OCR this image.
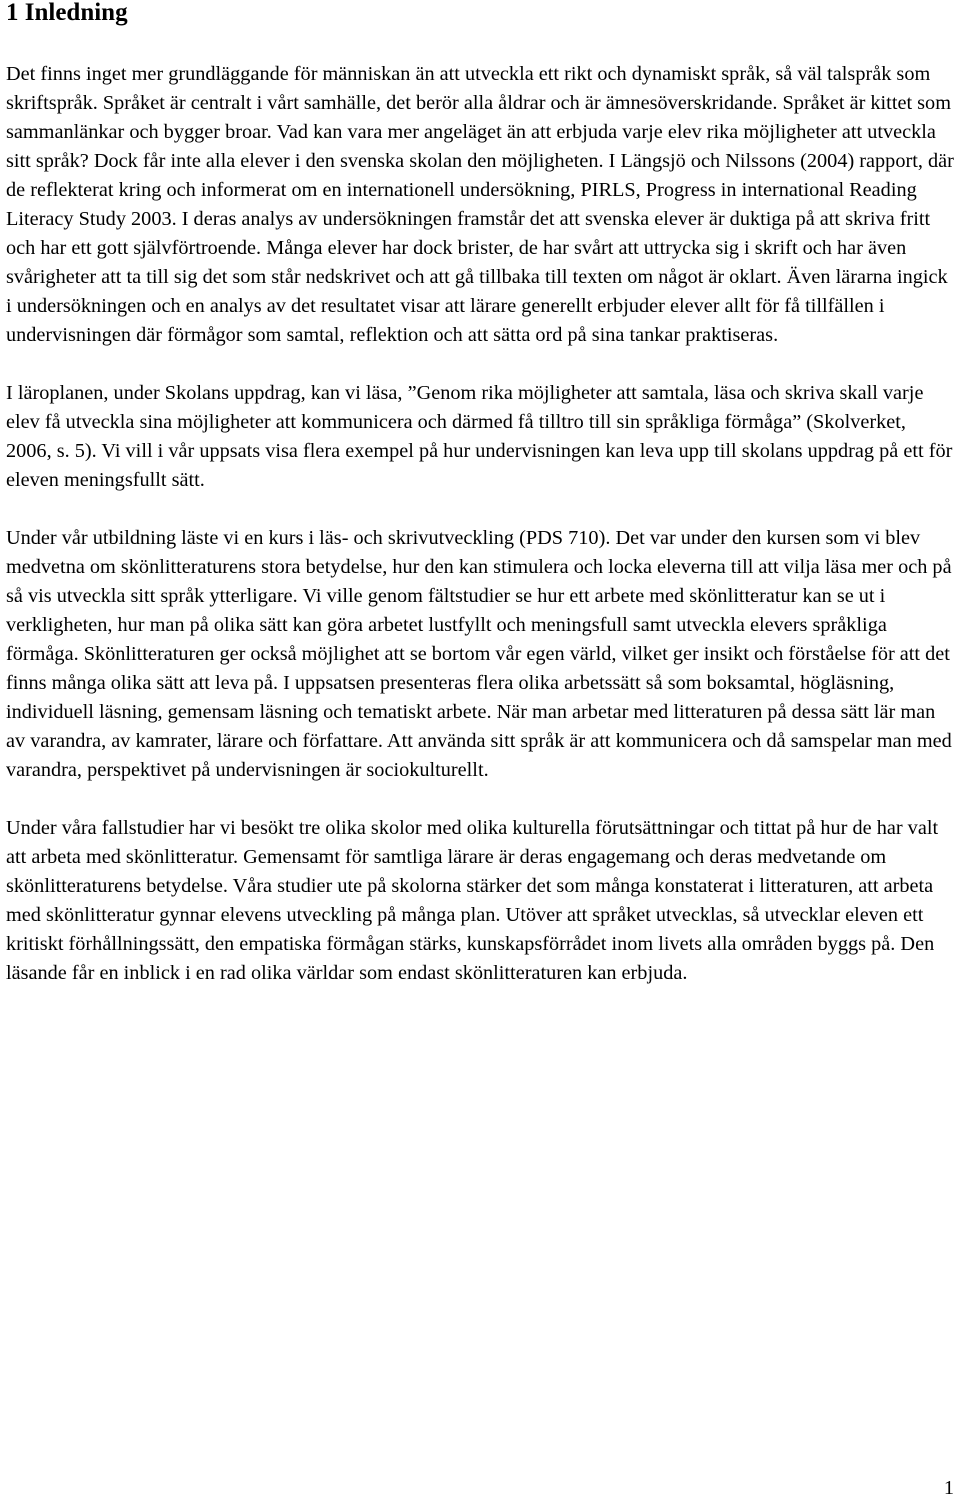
1 Inledning

Det finns inget mer grundläggande för människan än att utveckla ett rikt och dynamiskt språk, så väl talspråk som skriftspråk. Språket är centralt i vårt samhälle, det berör alla åldrar och är ämnesöverskridande. Språket är kittet som sammanlänkar och bygger broar. Vad kan vara mer angeläget än att erbjuda varje elev rika möjligheter att utveckla sitt språk? Dock får inte alla elever i den svenska skolan den möjligheten. I Längsjö och Nilssons (2004) rapport, där de reflekterat kring och informerat om en internationell undersökning, PIRLS, Progress in international Reading Literacy Study 2003. I deras analys av undersökningen framstår det att svenska elever är duktiga på att skriva fritt och har ett gott självförtroende. Många elever har dock brister, de har svårt att uttrycka sig i skrift och har även svårigheter att ta till sig det som står nedskrivet och att gå tillbaka till texten om något är oklart. Även lärarna ingick i undersökningen och en analys av det resultatet visar att lärare generellt erbjuder elever allt för få tillfällen i undervisningen där förmågor som samtal, reflektion och att sätta ord på sina tankar praktiseras.

I läroplanen, under Skolans uppdrag, kan vi läsa, ”Genom rika möjligheter att samtala, läsa och skriva skall varje elev få utveckla sina möjligheter att kommunicera och därmed få tilltro till sin språkliga förmåga” (Skolverket, 2006, s. 5). Vi vill i vår uppsats visa flera exempel på hur undervisningen kan leva upp till skolans uppdrag på ett för eleven meningsfullt sätt.

Under vår utbildning läste vi en kurs i läs- och skrivutveckling (PDS 710). Det var under den kursen som vi blev medvetna om skönlitteraturens stora betydelse, hur den kan stimulera och locka eleverna till att vilja läsa mer och på så vis utveckla sitt språk ytterligare. Vi ville genom fältstudier se hur ett arbete med skönlitteratur kan se ut i verkligheten, hur man på olika sätt kan göra arbetet lustfyllt och meningsfull samt utveckla elevers språkliga förmåga. Skönlitteraturen ger också möjlighet att se bortom vår egen värld, vilket ger insikt och förståelse för att det finns många olika sätt att leva på. I uppsatsen presenteras flera olika arbetssätt så som boksamtal, högläsning, individuell läsning, gemensam läsning och tematiskt arbete. När man arbetar med litteraturen på dessa sätt lär man av varandra, av kamrater, lärare och författare. Att använda sitt språk är att kommunicera och då samspelar man med varandra, perspektivet på undervisningen är sociokulturellt.

Under våra fallstudier har vi besökt tre olika skolor med olika kulturella förutsättningar och tittat på hur de har valt att arbeta med skönlitteratur. Gemensamt för samtliga lärare är deras engagemang och deras medvetande om skönlitteraturens betydelse. Våra studier ute på skolorna stärker det som många konstaterat i litteraturen, att arbeta med skönlitteratur gynnar elevens utveckling på många plan. Utöver att språket utvecklas, så utvecklar eleven ett kritiskt förhållningssätt, den empatiska förmågan stärks, kunskapsförrådet inom livets alla områden byggs på. Den läsande får en inblick i en rad olika världar som endast skönlitteraturen kan erbjuda.

1
